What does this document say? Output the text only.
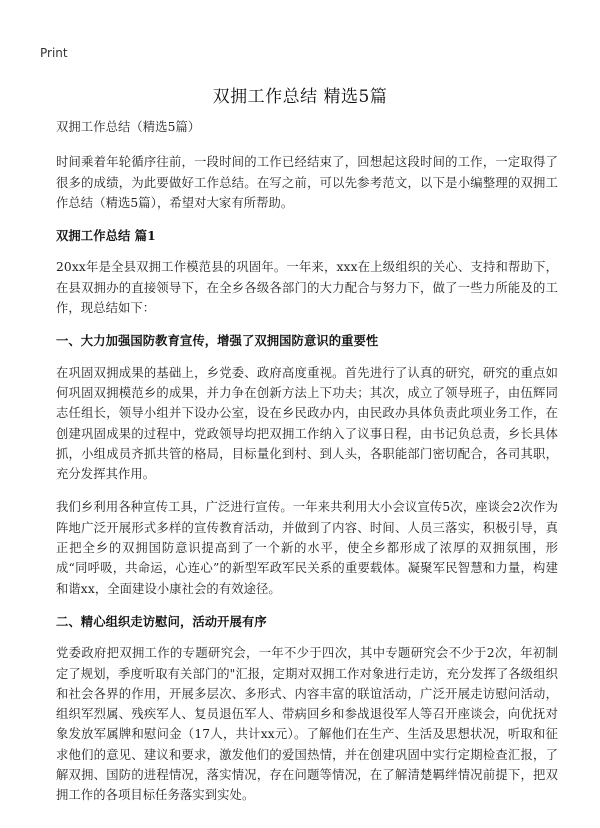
Print
双拥工作总结 精选5篇

双拥工作总结（精选5篇）

时间乘着年轮循序往前，一段时间的工作已经结束了，回想起这段时间的工作，一定取得了很多的成绩，为此要做好工作总结。在写之前，可以先参考范文，以下是小编整理的双拥工作总结（精选5篇），希望对大家有所帮助。

双拥工作总结 篇1

20xx年是全县双拥工作模范县的巩固年。一年来，xxx在上级组织的关心、支持和帮助下，在县双拥办的直接领导下，在全乡各级各部门的大力配合与努力下，做了一些力所能及的工作，现总结如下：

一、大力加强国防教育宣传，增强了双拥国防意识的重要性

在巩固双拥成果的基础上，乡党委、政府高度重视。首先进行了认真的研究，研究的重点如何巩固双拥模范乡的成果，并力争在创新方法上下功夫；其次，成立了领导班子，由伍辉同志任组长，领导小组并下设办公室，设在乡民政办内，由民政办具体负责此项业务工作，在创建巩固成果的过程中，党政领导均把双拥工作纳入了议事日程，由书记负总责，乡长具体抓，小组成员齐抓共管的格局，目标量化到村、到人头，各职能部门密切配合，各司其职，充分发挥其作用。

我们乡利用各种宣传工具，广泛进行宣传。一年来共利用大小会议宣传5次，座谈会2次作为阵地广泛开展形式多样的宣传教育活动，并做到了内容、时间、人员三落实，积极引导，真正把全乡的双拥国防意识提高到了一个新的水平，使全乡都形成了浓厚的双拥氛围，形成“同呼吸，共命运，心连心”的新型军政军民关系的重要载体。凝聚军民智慧和力量，构建和谐xx，全面建设小康社会的有效途径。

二、精心组织走访慰问，活动开展有序

党委政府把双拥工作的专题研究会，一年不少于四次，其中专题研究会不少于2次，年初制定了规划，季度听取有关部门的"汇报，定期对双拥工作对象进行走访，充分发挥了各级组织和社会各界的作用，开展多层次、多形式、内容丰富的联谊活动，广泛开展走访慰问活动，组织军烈属、残疾军人、复员退伍军人、带病回乡和参战退役军人等召开座谈会，向优抚对象发放军属牌和慰问金（17人，共计xx元）。了解他们在生产、生活及思想状况，听取和征求他们的意见、建议和要求，激发他们的爱国热情，并在创建巩固中实行定期检查汇报，了解双拥、国防的进程情况，落实情况，存在问题等情况，在了解清楚羁绊情况前提下，把双拥工作的各项目标任务落实到实处。
